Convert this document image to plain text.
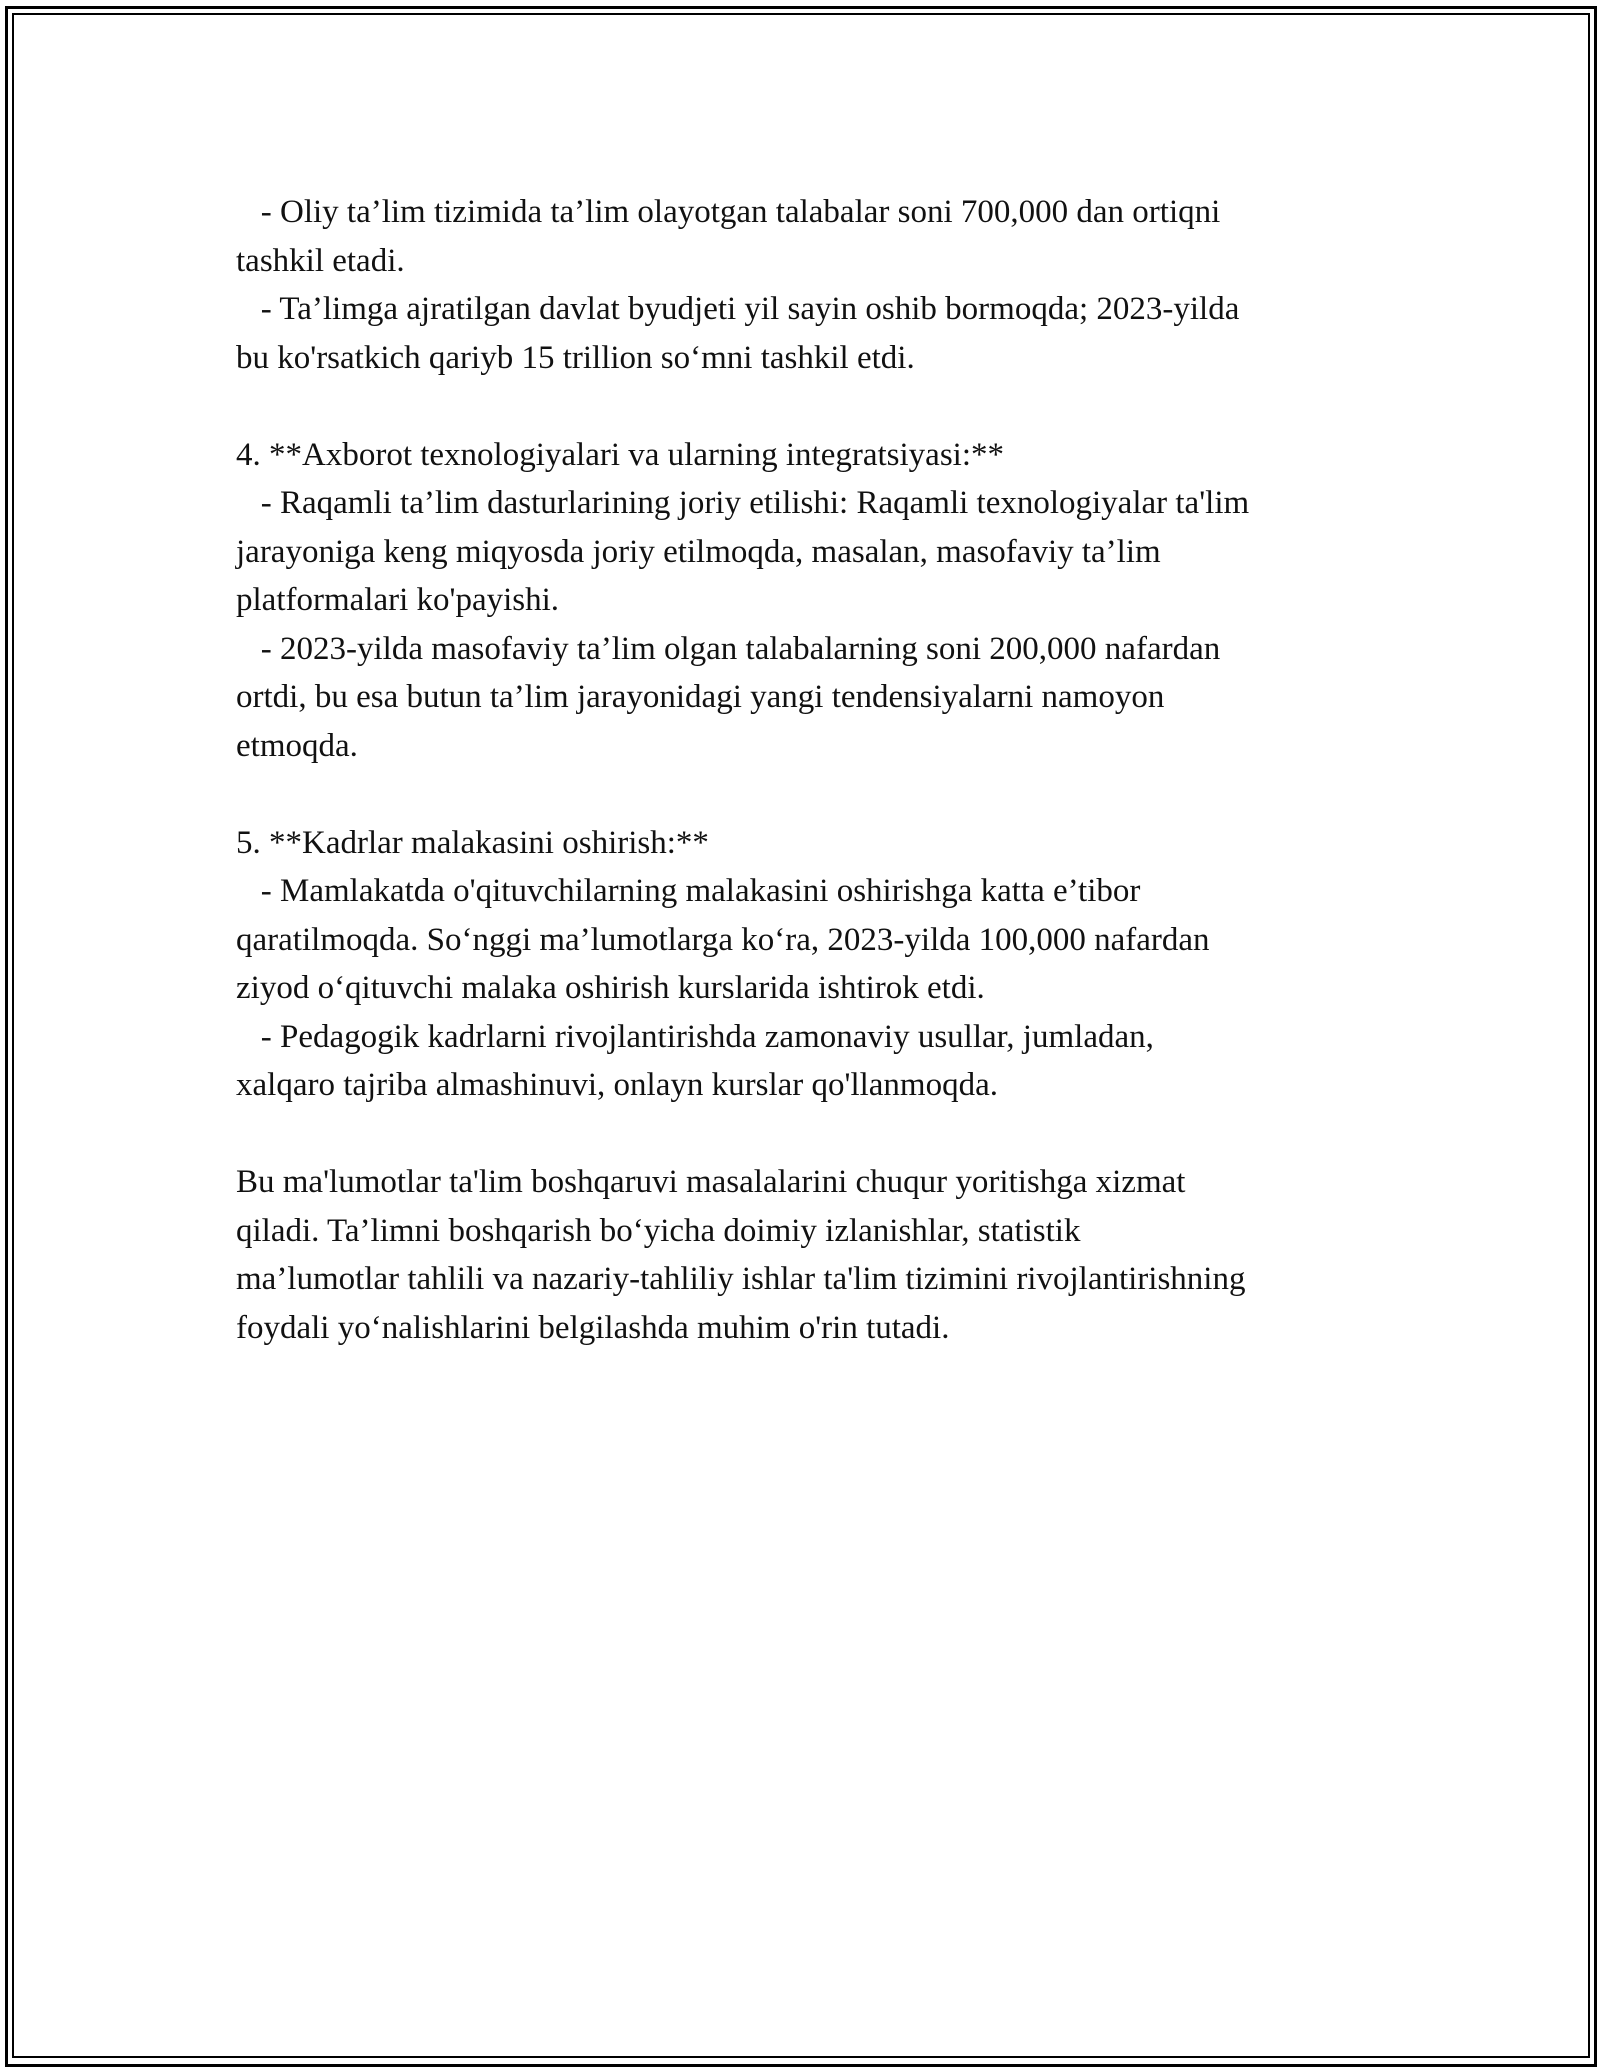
- Oliy ta’lim tizimida ta’lim olayotgan talabalar soni 700,000 dan ortiqni
tashkil etadi.
- Ta’limga ajratilgan davlat byudjeti yil sayin oshib bormoqda; 2023-yilda
bu ko'rsatkich qariyb 15 trillion so‘mni tashkil etdi.
4. **Axborot texnologiyalari va ularning integratsiyasi:**
- Raqamli ta’lim dasturlarining joriy etilishi: Raqamli texnologiyalar ta'lim
jarayoniga keng miqyosda joriy etilmoqda, masalan, masofaviy ta’lim
platformalari ko'payishi.
- 2023-yilda masofaviy ta’lim olgan talabalarning soni 200,000 nafardan
ortdi, bu esa butun ta’lim jarayonidagi yangi tendensiyalarni namoyon
etmoqda.
5. **Kadrlar malakasini oshirish:**
- Mamlakatda o'qituvchilarning malakasini oshirishga katta e’tibor
qaratilmoqda. So‘nggi ma’lumotlarga ko‘ra, 2023-yilda 100,000 nafardan
ziyod o‘qituvchi malaka oshirish kurslarida ishtirok etdi.
- Pedagogik kadrlarni rivojlantirishda zamonaviy usullar, jumladan,
xalqaro tajriba almashinuvi, onlayn kurslar qo'llanmoqda.
Bu ma'lumotlar ta'lim boshqaruvi masalalarini chuqur yoritishga xizmat
qiladi. Ta’limni boshqarish bo‘yicha doimiy izlanishlar, statistik
ma’lumotlar tahlili va nazariy-tahliliy ishlar ta'lim tizimini rivojlantirishning
foydali yo‘nalishlarini belgilashda muhim o'rin tutadi.
